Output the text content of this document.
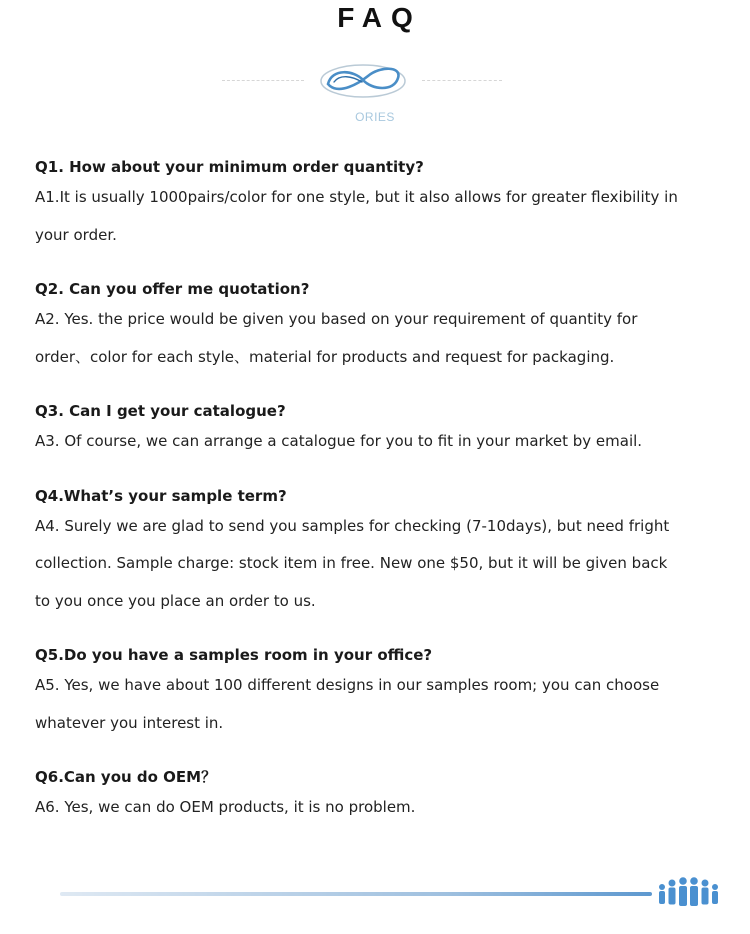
FAQ
ORIES

Q1. How about your minimum order quantity?

A1.It is usually 1000pairs/color for one style, but it also allows for greater flexibility in

your order.

Q2. Can you offer me quotation?

A2. Yes. the price would be given you based on your requirement of quantity for

order、color for each style、material for products and request for packaging.

Q3. Can I get your catalogue?

A3. Of course, we can arrange a catalogue for you to fit in your market by email.

Q4.What’s your sample term?

A4. Surely we are glad to send you samples for checking (7-10days), but need fright

collection. Sample charge: stock item in free. New one $50, but it will be given back

to you once you place an order to us.

Q5.Do you have a samples room in your office?

A5. Yes, we have about 100 different designs in our samples room; you can choose

whatever you interest in.

Q6.Can you do OEM？

A6. Yes, we can do OEM products, it is no problem.
